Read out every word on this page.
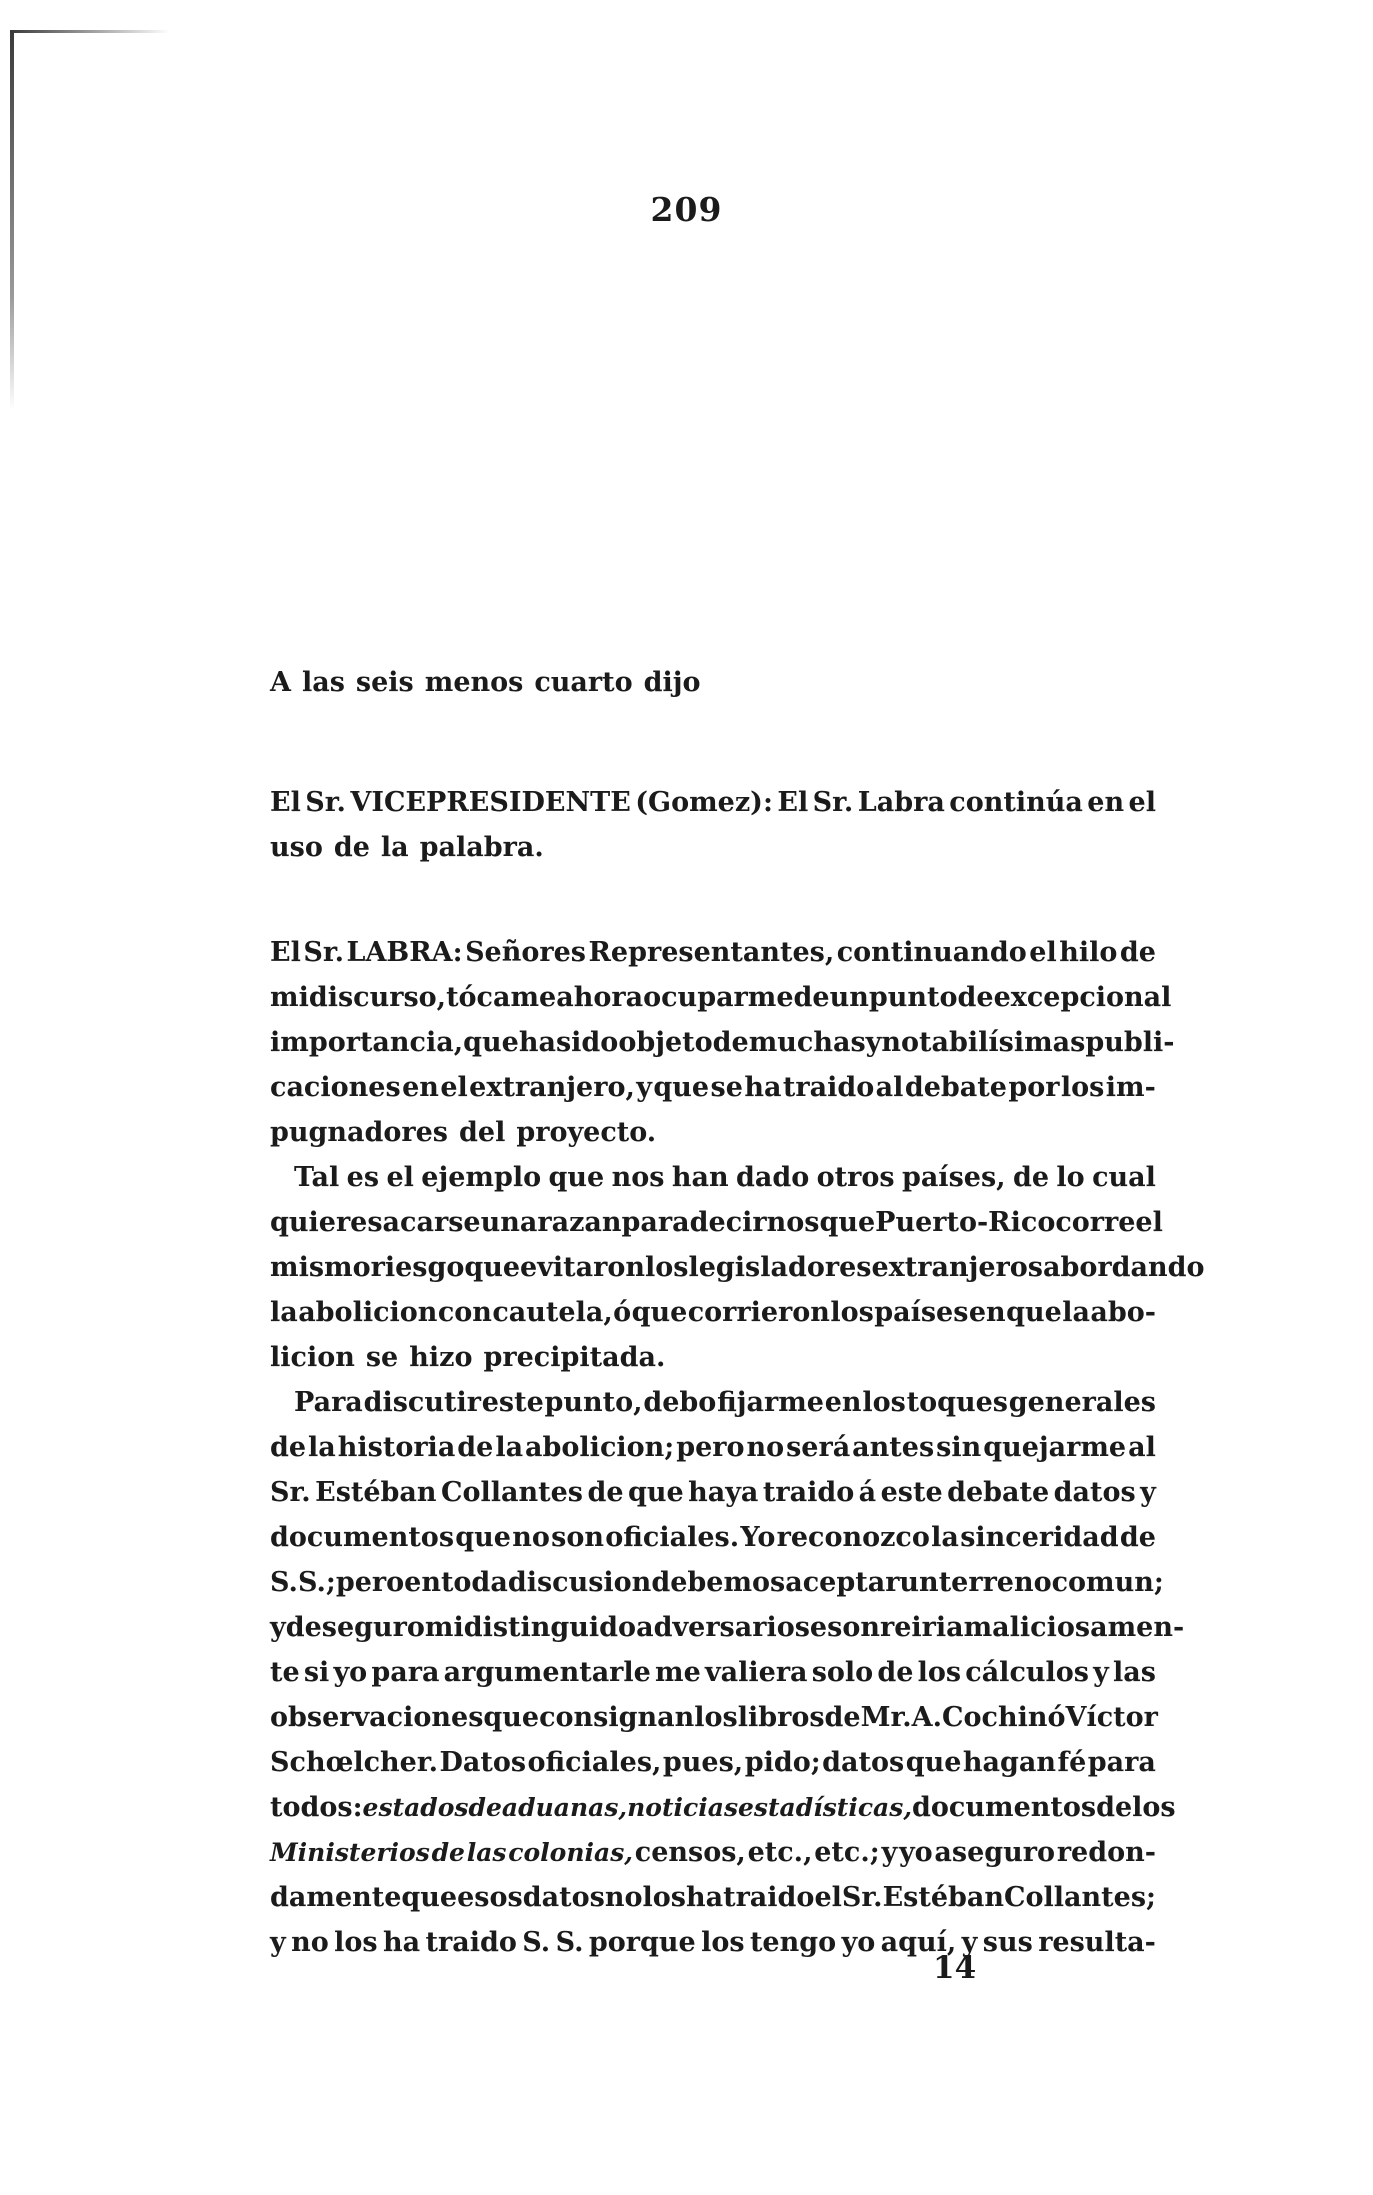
209
A las seis menos cuarto dijo
El Sr. VICEPRESIDENTE (Gomez): El Sr. Labra continúa en el
uso de la palabra.
El Sr. LABRA: Señores Representantes, continuando el hilo de
mi discurso, tócame ahora ocuparme de un punto de excepcional
importancia, que ha sido objeto de muchas y notabilísimas publi-
caciones en el extranjero, y que se ha traido al debate por los im-
pugnadores del proyecto.
Tal es el ejemplo que nos han dado otros países, de lo cual
quiere sacarse una razan para decirnos que Puerto-Rico corre el
mismo riesgo que evitaron los legisladores extranjeros abordando
la abolicion con cautela, ó que corrieron los países en que la abo-
licion se hizo precipitada.
Para discutir este punto, debo fijarme en los toques generales
de la historia de la abolicion; pero no será antes sin quejarme al
Sr. Estéban Collantes de que haya traido á este debate datos y
documentos que no son oficiales. Yo reconozco la sinceridad de
S. S.; pero en toda discusion debemos aceptar un terreno comun;
y de seguro mi distinguido adversario se sonreiria maliciosamen-
te si yo para argumentarle me valiera solo de los cálculos y las
observaciones que consignan los libros de Mr. A. Cochin ó Víctor
Schœlcher. Datos oficiales, pues, pido; datos que hagan fé para
todos: estados de aduanas, noticias estadísticas, documentos de los
Ministerios de las colonias, censos, etc., etc.; y yo aseguro redon-
damente que esos datos no los ha traido el Sr. Estéban Collantes;
y no los ha traido S. S. porque los tengo yo aquí, y sus resulta-
14
